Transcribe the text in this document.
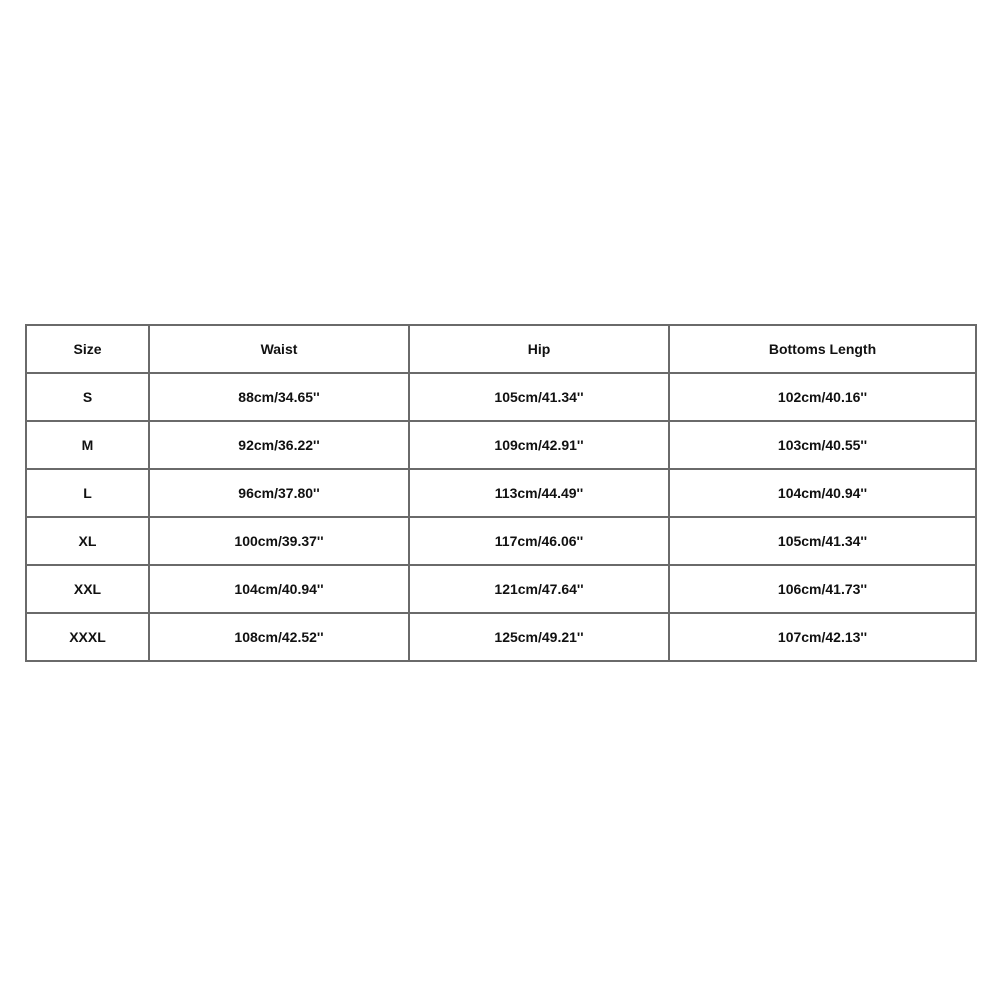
Size	Waist	Hip	Bottoms Length
S	88cm/34.65''	105cm/41.34''	102cm/40.16''
M	92cm/36.22''	109cm/42.91''	103cm/40.55''
L	96cm/37.80''	113cm/44.49''	104cm/40.94''
XL	100cm/39.37''	117cm/46.06''	105cm/41.34''
XXL	104cm/40.94''	121cm/47.64''	106cm/41.73''
XXXL	108cm/42.52''	125cm/49.21''	107cm/42.13''
